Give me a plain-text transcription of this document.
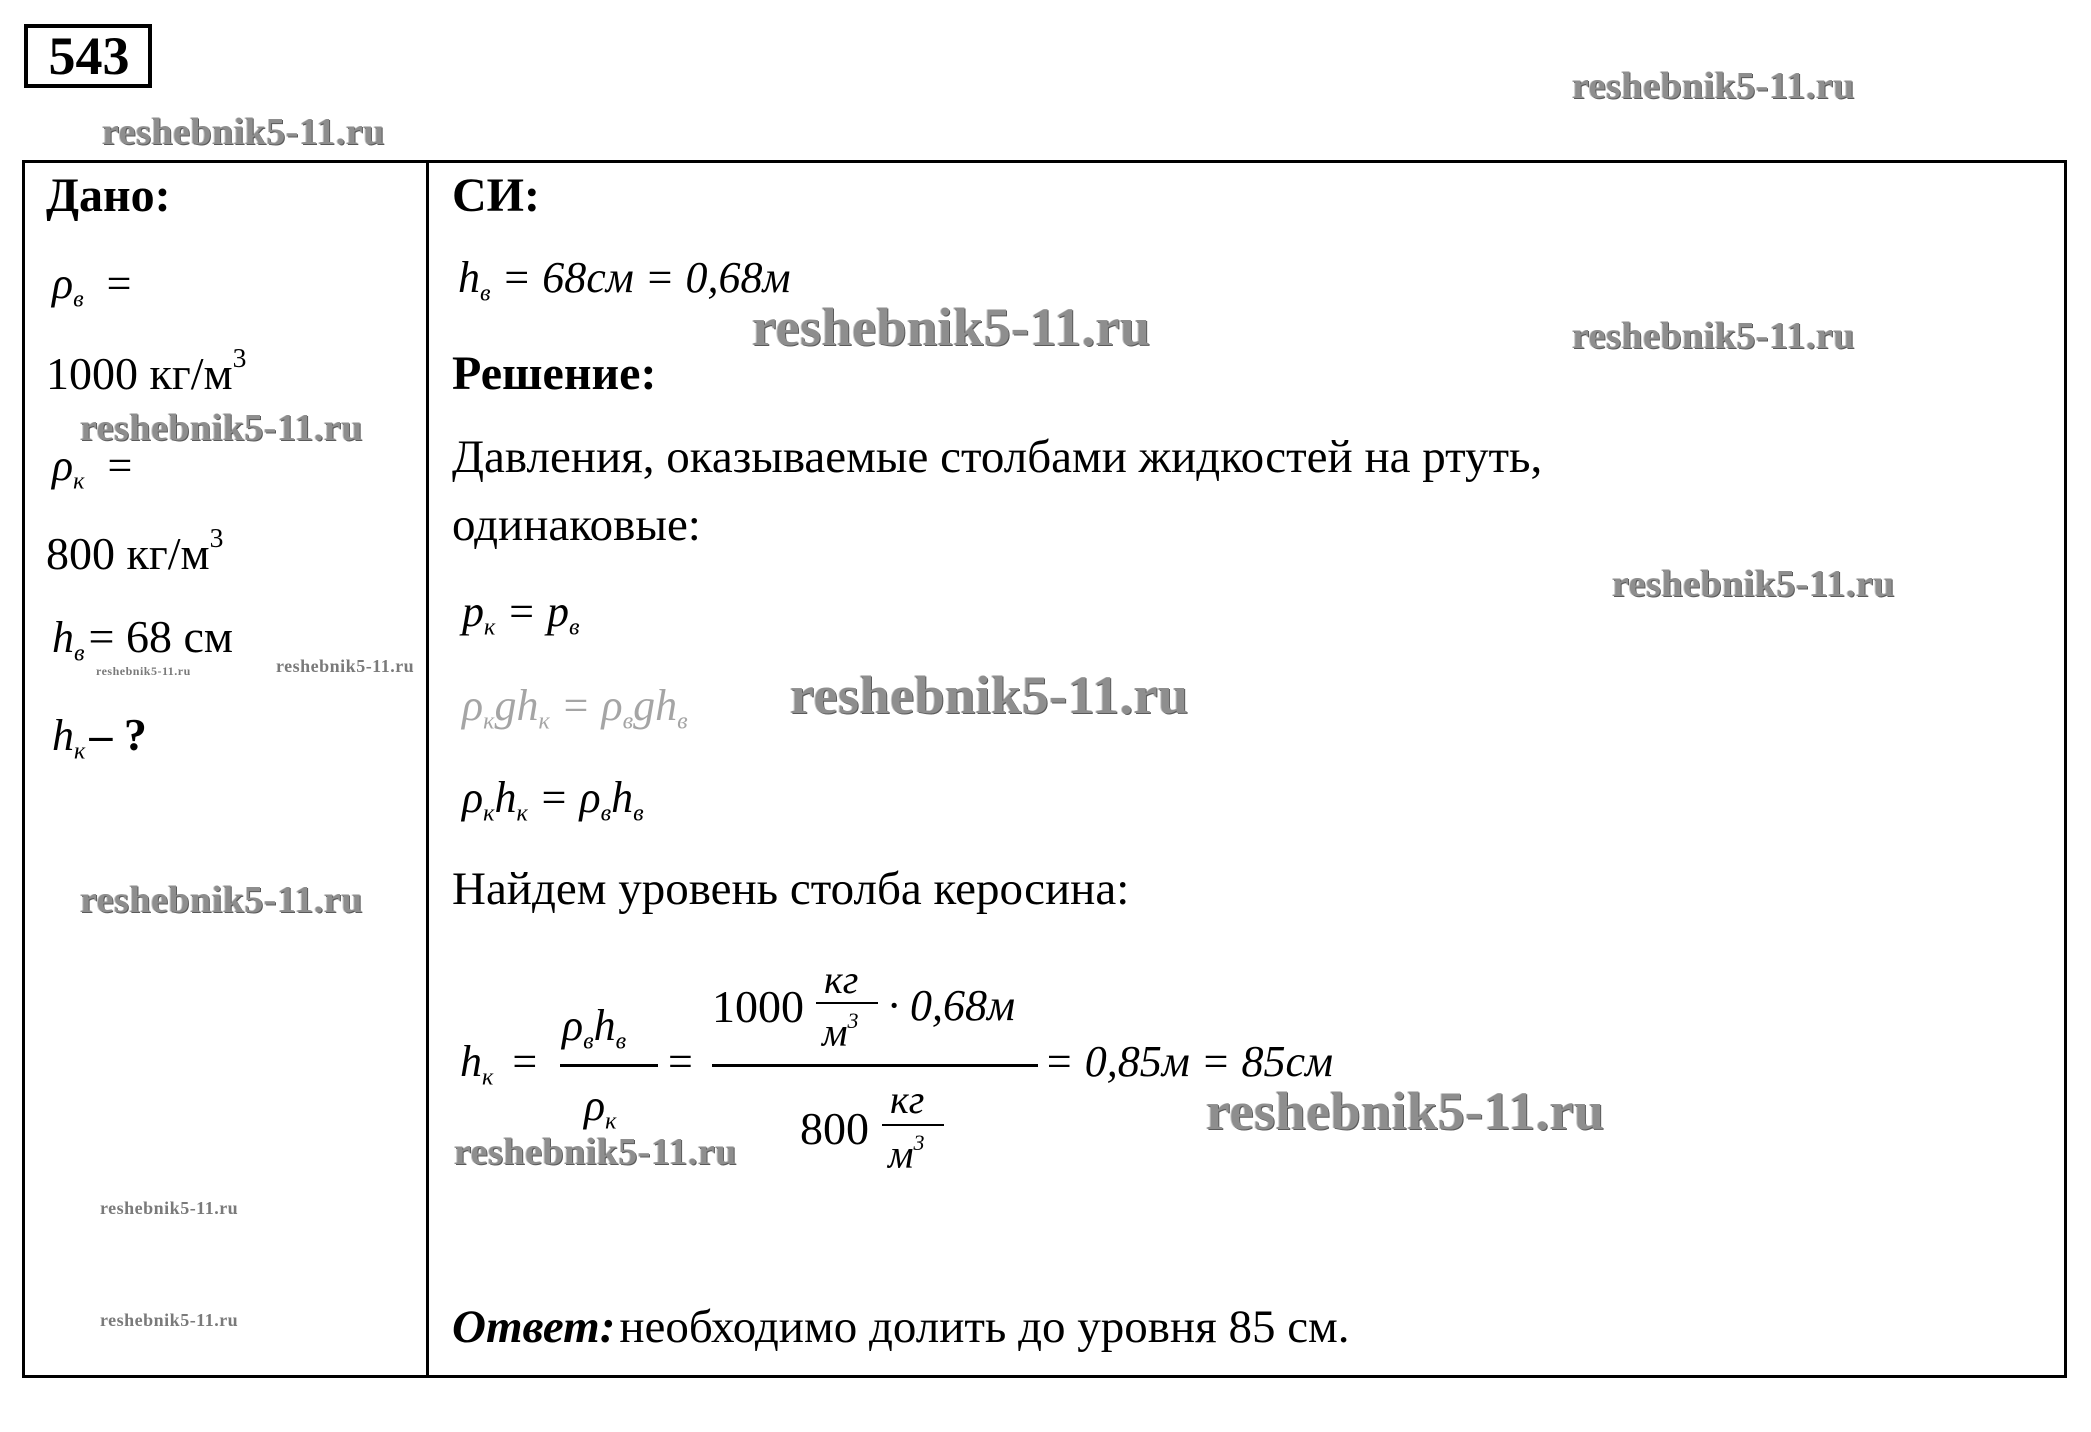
543	reshebnik5-11.ru
reshebnik5-11.ru
reshebnik5-11.ru
reshebnik5-11.ru
reshebnik5-11.ru	reshebnik5-11.ru
reshebnik5-11.ru
reshebnik5-11.ru
reshebnik5-11.ru
reshebnik5-11.ru
reshebnik5-11.ru
reshebnik5-11.ru
reshebnik5-11.ru
reshebnik5-11.ru
Дано:
$\rho_в$ =
1000 $кг/м^3$
$\rho_к$ =
800 $кг/м^3$
$h_в = 68$ см
$h_к$ – ?
СИ:
$h_в = 68см = 0,68м$
Решение:
Давления, оказываемые столбами жидкостей на ртуть,
одинаковые:
$p_к = p_в$
$\rho_кgh_к = \rho_вgh_в$
$\rho_кh_к = \rho_вh_в$
Найдем уровень столба керосина:
$h_к$ =
$\rho_вh_в$
$\rho_к$
=
1000
кг
$м^3 \cdot 0,68м$
800
кг
$м^3$
= 0,85м = 85см
Ответ: необходимо долить до уровня 85 см.
